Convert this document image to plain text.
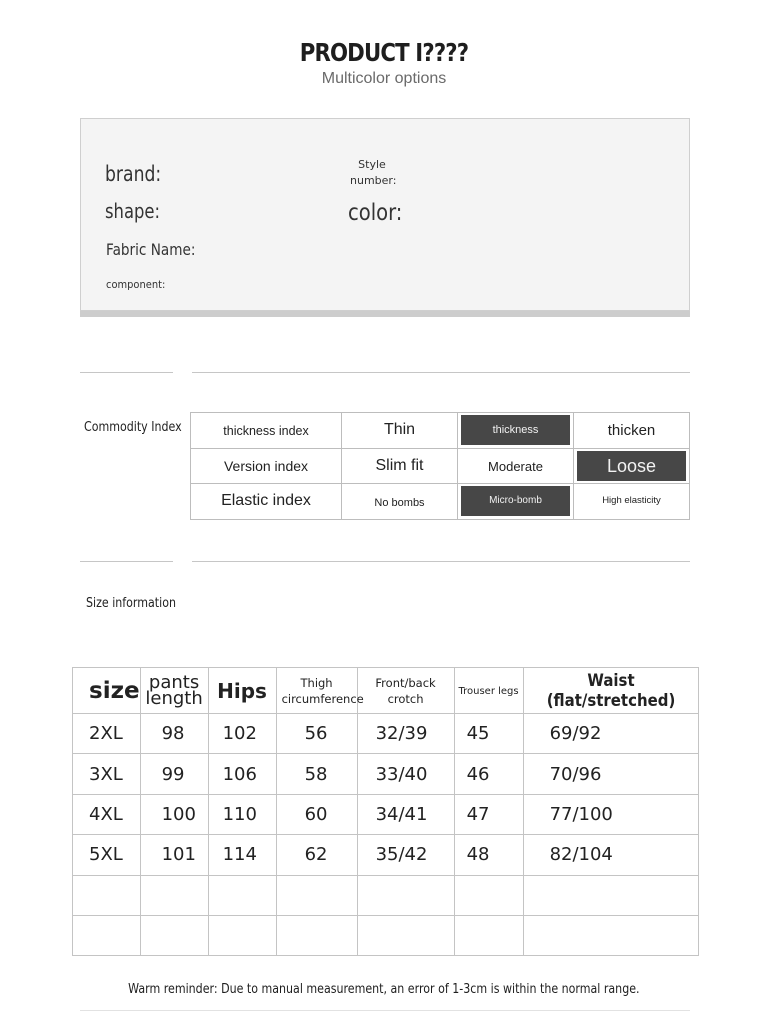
PRODUCT I????
Multicolor options
brand:
shape:
Fabric Name:
component:
Style
number:
color:
Commodity Index	thickness index	Thin	thickness	thicken
Version index	Slim fit	Moderate	Loose
Elastic index	No bombs	Micro-bomb	High elasticity
Size information
size	pants length	Hips	Thigh circumference	Front/back crotch	Trouser legs	Waist (flat/stretched)
2XL	98	102	56	32/39	45	69/92
3XL	99	106	58	33/40	46	70/96
4XL	100	110	60	34/41	47	77/100
5XL	101	114	62	35/42	48	82/104

Warm reminder: Due to manual measurement, an error of 1-3cm is within the normal range.
